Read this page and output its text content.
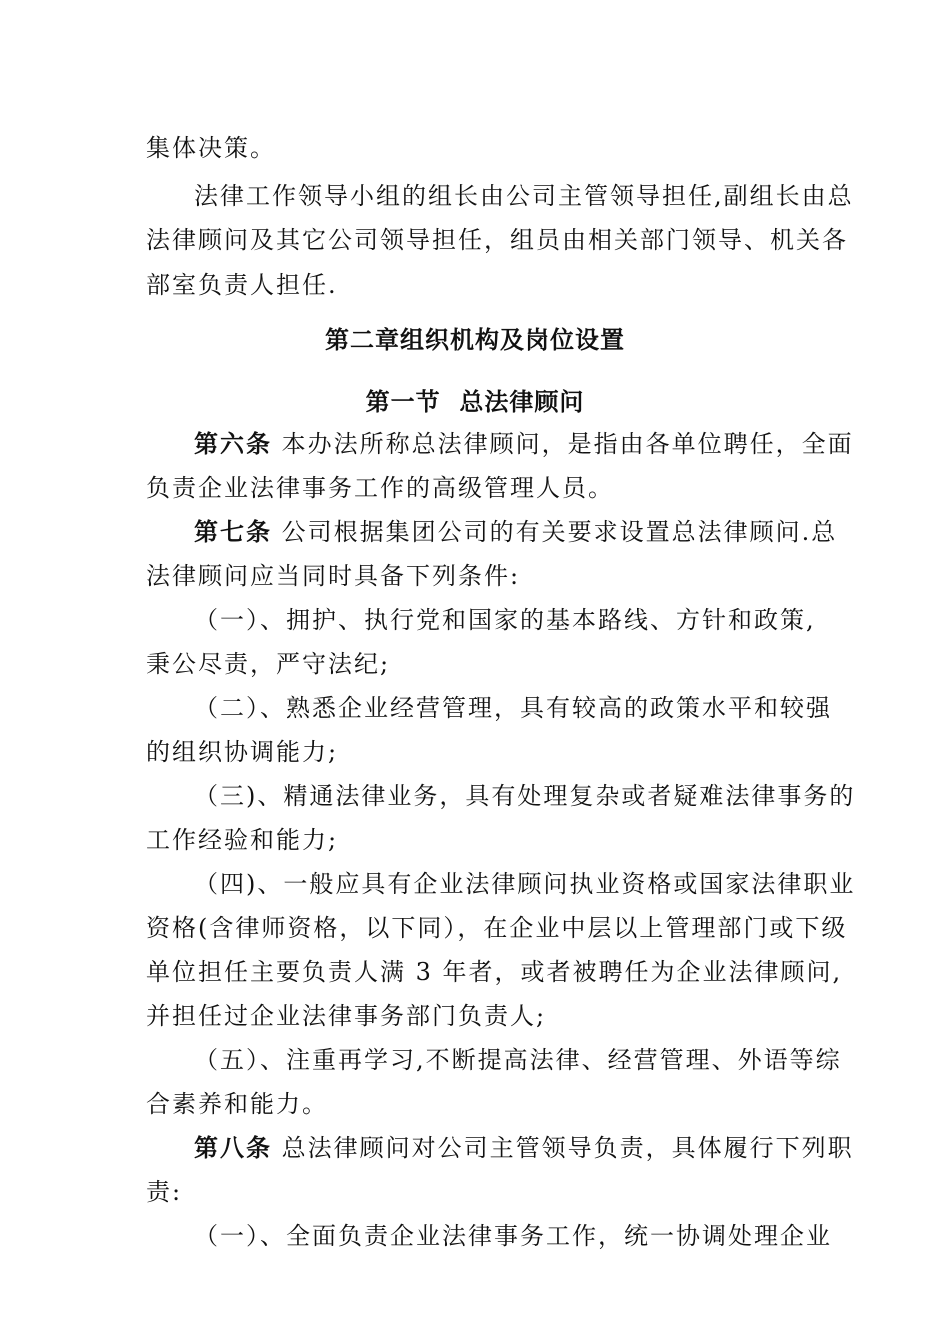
集体决策。
法律工作领导小组的组长由公司主管领导担任,副组长由总
法律顾问及其它公司领导担任，组员由相关部门领导、机关各
部室负责人担任.
第二章组织机构及岗位设置
第一节  总法律顾问
第六条 本办法所称总法律顾问，是指由各单位聘任，全面
负责企业法律事务工作的高级管理人员。
第七条 公司根据集团公司的有关要求设置总法律顾问.总
法律顾问应当同时具备下列条件:
（一）、拥护、执行党和国家的基本路线、方针和政策,
秉公尽责，严守法纪;
（二）、熟悉企业经营管理，具有较高的政策水平和较强
的组织协调能力;
（三)、精通法律业务，具有处理复杂或者疑难法律事务的
工作经验和能力;
（四)、一般应具有企业法律顾问执业资格或国家法律职业
资格(含律师资格，以下同），在企业中层以上管理部门或下级
单位担任主要负责人满 3 年者，或者被聘任为企业法律顾问,
并担任过企业法律事务部门负责人;
（五）、注重再学习,不断提高法律、经营管理、外语等综
合素养和能力。
第八条 总法律顾问对公司主管领导负责，具体履行下列职
责:
（一）、全面负责企业法律事务工作，统一协调处理企业
